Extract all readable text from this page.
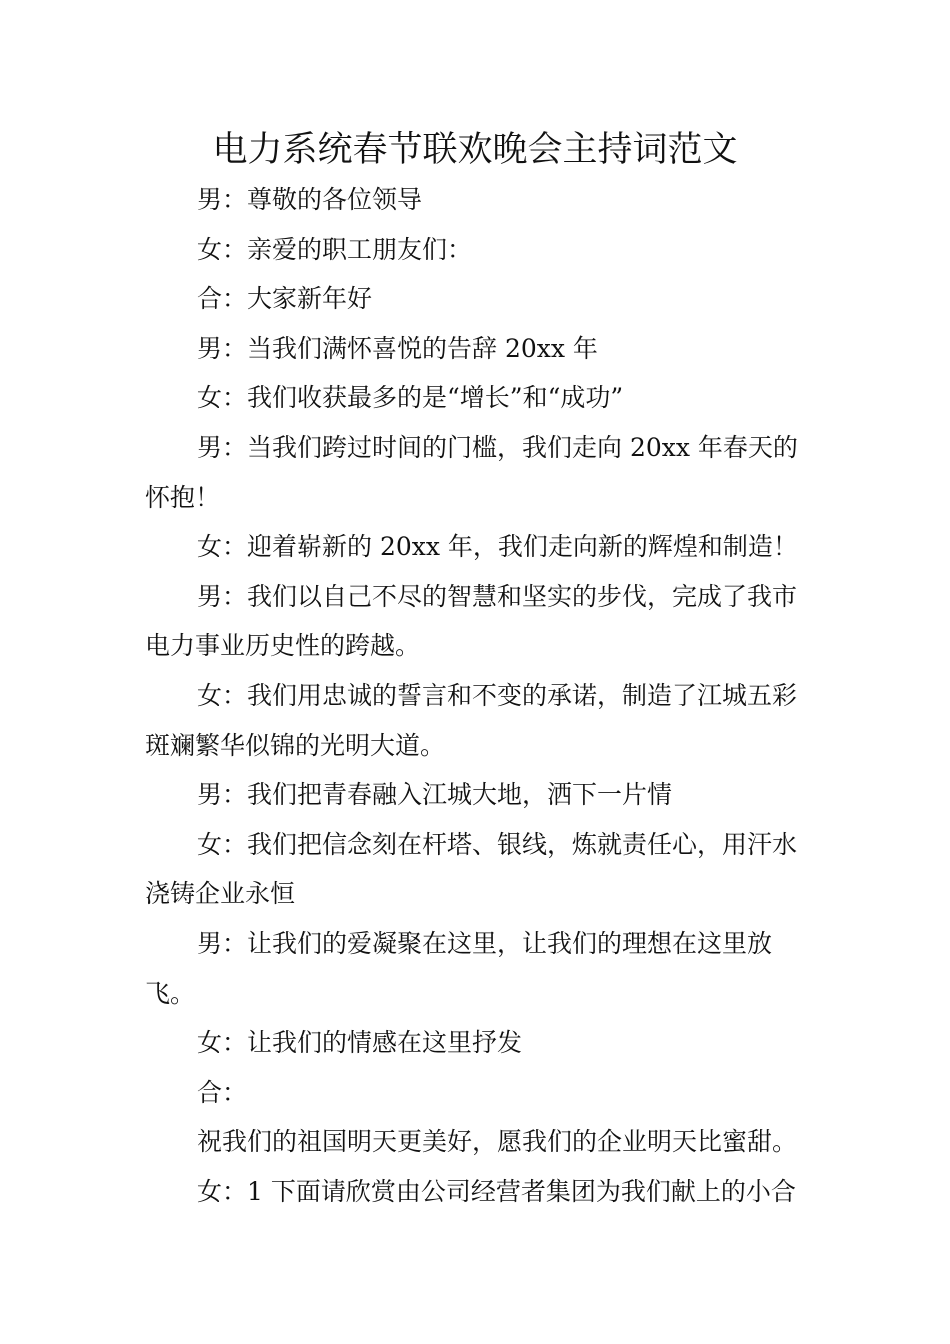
电力系统春节联欢晚会主持词范文

男：尊敬的各位领导

女：亲爱的职工朋友们：

合：大家新年好

男：当我们满怀喜悦的告辞 20xx 年

女：我们收获最多的是“增长”和“成功”

男：当我们跨过时间的门槛，我们走向 20xx 年春天的怀抱！

女：迎着崭新的 20xx 年，我们走向新的辉煌和制造！

男：我们以自己不尽的智慧和坚实的步伐，完成了我市电力事业历史性的跨越。

女：我们用忠诚的誓言和不变的承诺，制造了江城五彩斑斓繁华似锦的光明大道。

男：我们把青春融入江城大地，洒下一片情

女：我们把信念刻在杆塔、银线，炼就责任心，用汗水浇铸企业永恒

男：让我们的爱凝聚在这里，让我们的理想在这里放飞。

女：让我们的情感在这里抒发

合：

祝我们的祖国明天更美好，愿我们的企业明天比蜜甜。

女：1 下面请欣赏由公司经营者集团为我们献上的小合
